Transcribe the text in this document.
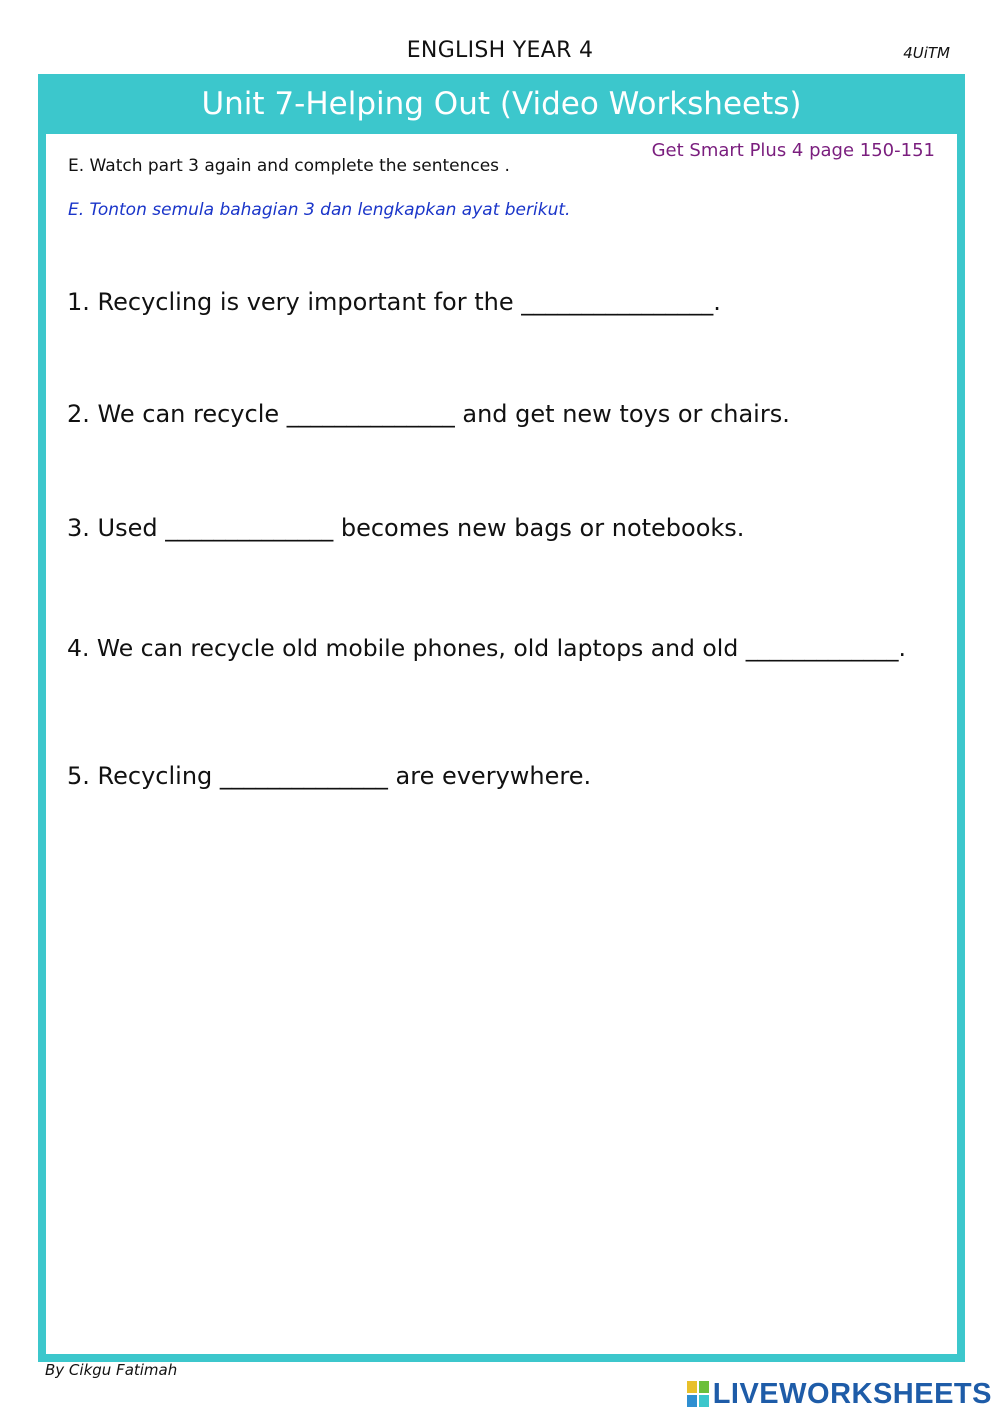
ENGLISH YEAR 4	4UiTM
Unit 7-Helping Out (Video Worksheets)
E. Watch part 3 again and complete the sentences .
Get Smart Plus 4 page 150-151
E. Tonton semula bahagian 3 dan lengkapkan ayat berikut.
1. Recycling is very important for the ________________.
2. We can recycle ______________ and get new toys or chairs.
3. Used ______________ becomes new bags or notebooks.
4. We can recycle old mobile phones, old laptops and old _____________.
5. Recycling ______________ are everywhere.
By Cikgu Fatimah
LIVEWORKSHEETS
